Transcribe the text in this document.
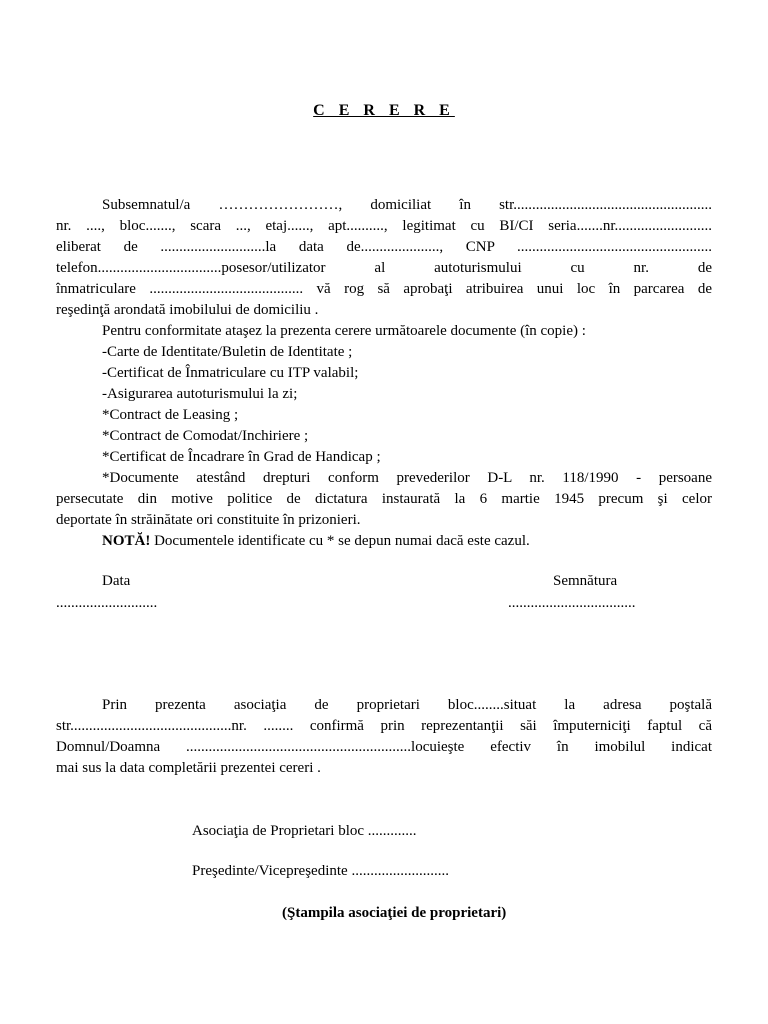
C E R E R E
Subsemnatul/a ……………………, domiciliat în str.....................................................
nr. ...., bloc......., scara ..., etaj......, apt.........., legitimat cu BI/CI seria.......nr..........................
eliberat de ............................la data de....................., CNP ....................................................
telefon.................................posesor/utilizator al autoturismului cu nr. de
înmatriculare ......................................... vă rog să aprobaţi atribuirea unui loc în parcarea de
reşedinţă arondată imobilului de domiciliu .
Pentru conformitate ataşez la prezenta cerere următoarele documente (în copie) :
-Carte de Identitate/Buletin de Identitate ;
-Certificat de Înmatriculare cu ITP valabil;
-Asigurarea autoturismului la zi;
*Contract de Leasing ;
*Contract de Comodat/Inchiriere ;
*Certificat de Încadrare în Grad de Handicap ;
*Documente atestând drepturi conform prevederilor D-L nr. 118/1990 - persoane
persecutate din motive politice de dictatura instaurată la 6 martie 1945 precum şi celor
deportate în străinătate ori constituite în prizonieri.
NOTĂ! Documentele identificate cu * se depun numai dacă este cazul.
Data
...........................
Semnătura
..................................
Prin prezenta asociaţia de proprietari bloc........situat la adresa poştală
str...........................................nr. ........ confirmă prin reprezentanţii săi împuterniciţi faptul că
Domnul/Doamna ............................................................locuieşte efectiv în imobilul indicat
mai sus la data completării prezentei cereri .
Asociaţia de Proprietari bloc .............
Preşedinte/Vicepreşedinte ..........................
(Ştampila asociaţiei de proprietari)
